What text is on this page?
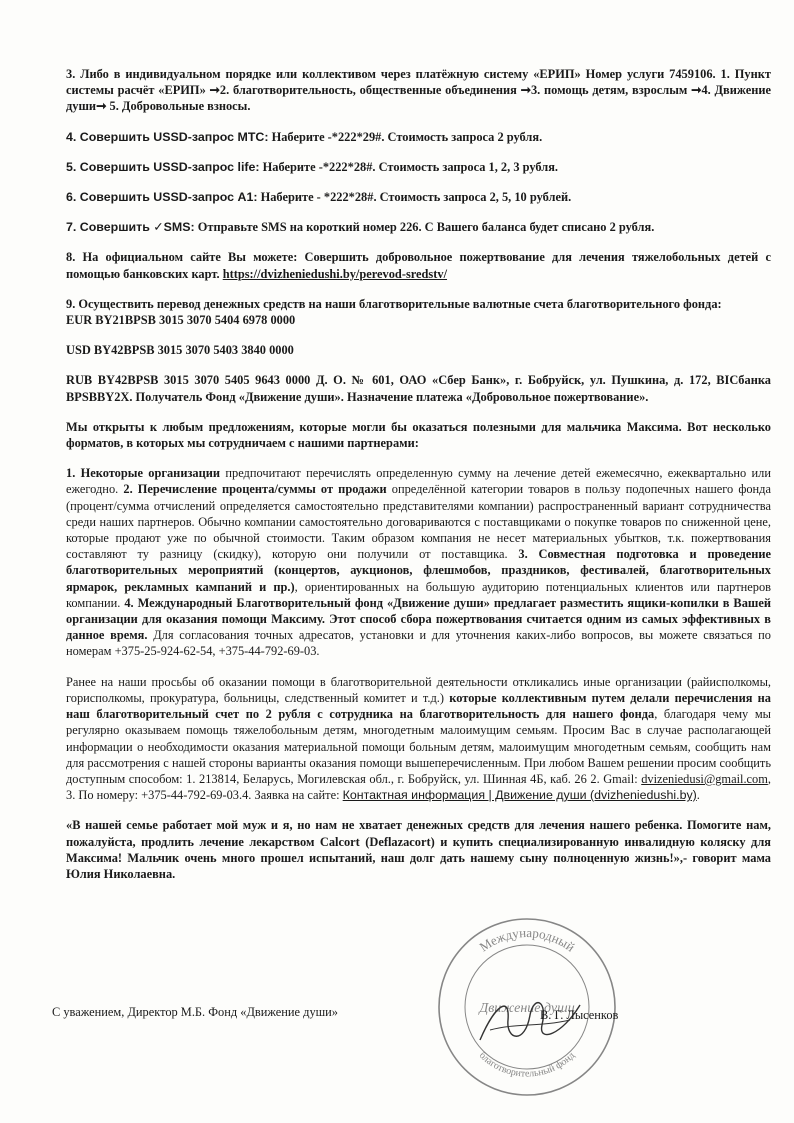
3. Либо в индивидуальном порядке или коллективом через платёжную систему «ЕРИП» Номер услуги 7459106. 1. Пункт системы расчёт «ЕРИП» ➞2. благотворительность, общественные объединения ➞3. помощь детям, взрослым ➞4. Движение души➞ 5. Добровольные взносы.

4. Совершить USSD-запрос МТС: Наберите -*222*29#. Стоимость запроса 2 рубля.

5. Совершить USSD-запрос life: Наберите -*222*28#. Стоимость запроса 1, 2, 3 рубля.

6. Совершить USSD-запрос A1: Наберите - *222*28#. Стоимость запроса 2, 5, 10 рублей.

7. Совершить ✓SMS: Отправьте SMS на короткий номер 226. С Вашего баланса будет списано 2 рубля.

8. На официальном сайте Вы можете: Совершить добровольное пожертвование для лечения тяжелобольных детей с помощью банковских карт. https://dvizheniedushi.by/perevod-sredstv/

9. Осуществить перевод денежных средств на наши благотворительные валютные счета благотворительного фонда:

EUR BY21BPSB 3015 3070 5404 6978 0000

USD BY42BPSB 3015 3070 5403 3840 0000

RUB BY42BPSB 3015 3070 5405 9643 0000 Д. О. № 601, ОАО «Сбер Банк», г. Бобруйск, ул. Пушкина, д. 172, BICбанка BPSBBY2X. Получатель Фонд «Движение души». Назначение платежа «Добровольное пожертвование».

Мы открыты к любым предложениям, которые могли бы оказаться полезными для мальчика Максима. Вот несколько форматов, в которых мы сотрудничаем с нашими партнерами:

1. Некоторые организации предпочитают перечислять определенную сумму на лечение детей ежемесячно, ежеквартально или ежегодно. 2. Перечисление процента/суммы от продажи определённой категории товаров в пользу подопечных нашего фонда (процент/сумма отчислений определяется самостоятельно представителями компании) распространенный вариант сотрудничества среди наших партнеров. Обычно компании самостоятельно договариваются с поставщиками о покупке товаров по сниженной цене, которые продают уже по обычной стоимости. Таким образом компания не несет материальных убытков, т.к. пожертвования составляют ту разницу (скидку), которую они получили от поставщика. 3. Совместная подготовка и проведение благотворительных мероприятий (концертов, аукционов, флешмобов, праздников, фестивалей, благотворительных ярмарок, рекламных кампаний и пр.), ориентированных на большую аудиторию потенциальных клиентов или партнеров компании. 4. Международный Благотворительный фонд «Движение души» предлагает разместить ящики-копилки в Вашей организации для оказания помощи Максиму. Этот способ сбора пожертвования считается одним из самых эффективных в данное время. Для согласования точных адресатов, установки и для уточнения каких-либо вопросов, вы можете связаться по номерам +375-25-924-62-54, +375-44-792-69-03.

Ранее на наши просьбы об оказании помощи в благотворительной деятельности откликались иные организации (райисполкомы, горисполкомы, прокуратура, больницы, следственный комитет и т.д.) которые коллективным путем делали перечисления на наш благотворительный счет по 2 рубля с сотрудника на благотворительность для нашего фонда, благодаря чему мы регулярно оказываем помощь тяжелобольным детям, многодетным малоимущим семьям. Просим Вас в случае располагающей информации о необходимости оказания материальной помощи больным детям, малоимущим многодетным семьям, сообщить нам для рассмотрения с нашей стороны варианты оказания помощи вышеперечисленным. При любом Вашем решении просим сообщить доступным способом: 1. 213814, Беларусь, Могилевская обл., г. Бобруйск, ул. Шинная 4Б, каб. 26 2. Gmail: dvizeniedusi@gmail.com, 3. По номеру: +375-44-792-69-03.4. Заявка на сайте: Контактная информация | Движение души (dvizheniedushi.by).

«В нашей семье работает мой муж и я, но нам не хватает денежных средств для лечения нашего ребенка. Помогите нам, пожалуйста, продлить лечение лекарством Calcort (Deflazacort) и купить специализированную инвалидную коляску для Максима! Мальчик очень много прошел испытаний, наш долг дать нашему сыну полноценную жизнь!»,- говорит мама Юлия Николаевна.

С уважением, Директор М.Б. Фонд «Движение души»
Международный
благотворительный фонд
Движение души
В. Г. Лысенков
